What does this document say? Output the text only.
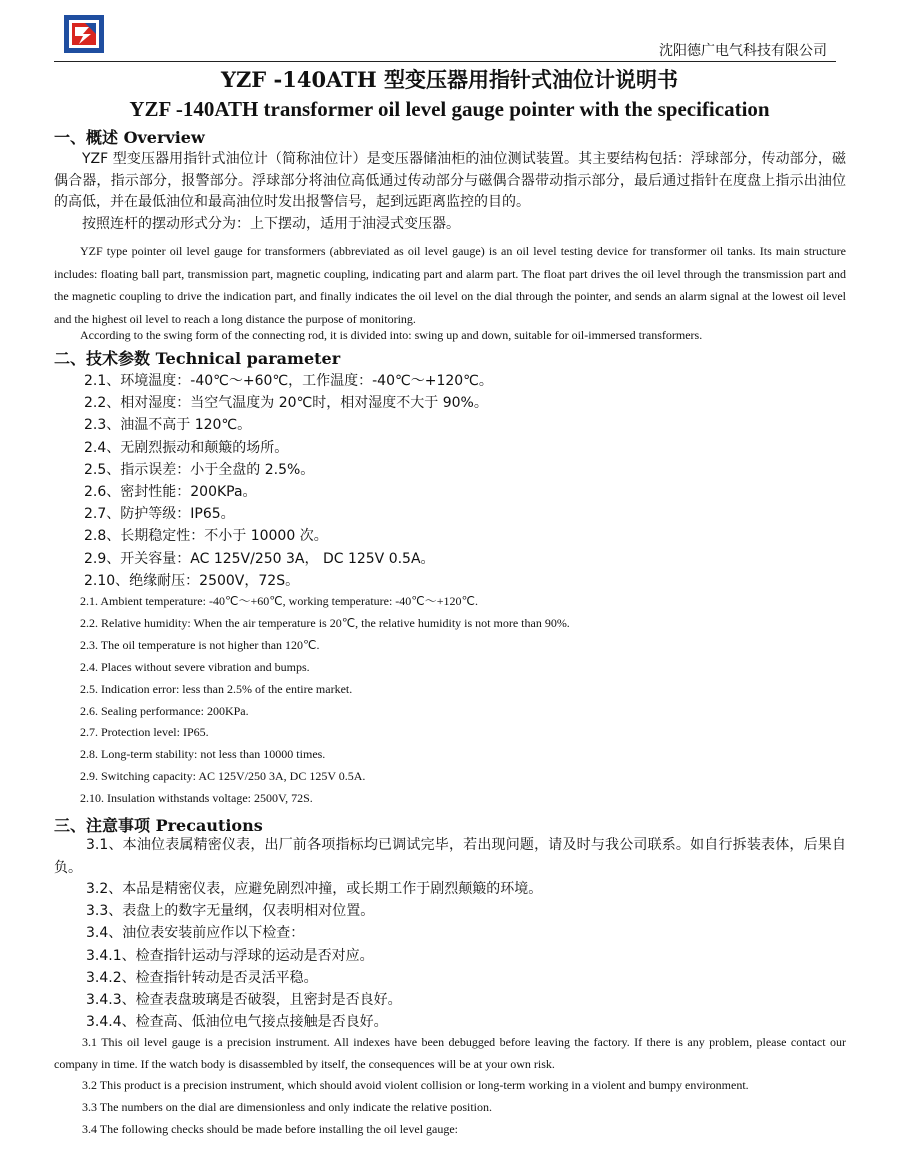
沈阳德广电气科技有限公司
YZF -140ATH 型变压器用指针式油位计说明书
YZF -140ATH transformer oil level gauge pointer with the specification
一、概述 Overview
YZF 型变压器用指针式油位计（简称油位计）是变压器储油柜的油位测试装置。其主要结构包括：浮球部分，传动部分，磁偶合器，指示部分，报警部分。浮球部分将油位高低通过传动部分与磁偶合器带动指示部分，最后通过指针在度盘上指示出油位的高低，并在最低油位和最高油位时发出报警信号，起到远距离监控的目的。
按照连杆的摆动形式分为：上下摆动，适用于油浸式变压器。
YZF type pointer oil level gauge for transformers (abbreviated as oil level gauge) is an oil level testing device for transformer oil tanks. Its main structure includes: floating ball part, transmission part, magnetic coupling, indicating part and alarm part. The float part drives the oil level through the transmission part and the magnetic coupling to drive the indication part, and finally indicates the oil level on the dial through the pointer, and sends an alarm signal at the lowest oil level and the highest oil level to reach a long distance the purpose of monitoring.
According to the swing form of the connecting rod, it is divided into: swing up and down, suitable for oil-immersed transformers.
二、技术参数 Technical parameter
2.1、环境温度：-40℃～+60℃，工作温度：-40℃～+120℃。
2.2、相对湿度：当空气温度为 20℃时，相对湿度不大于 90%。
2.3、油温不高于 120℃。
2.4、无剧烈振动和颠簸的场所。
2.5、指示误差：小于全盘的 2.5%。
2.6、密封性能：200KPa。
2.7、防护等级：IP65。
2.8、长期稳定性：不小于 10000 次。
2.9、开关容量：AC 125V/250 3A， DC 125V 0.5A。
2.10、绝缘耐压：2500V，72S。
2.1. Ambient temperature: -40℃～+60℃, working temperature: -40℃～+120℃.
2.2. Relative humidity: When the air temperature is 20℃, the relative humidity is not more than 90%.
2.3. The oil temperature is not higher than 120℃.
2.4. Places without severe vibration and bumps.
2.5. Indication error: less than 2.5% of the entire market.
2.6. Sealing performance: 200KPa.
2.7. Protection level: IP65.
2.8. Long-term stability: not less than 10000 times.
2.9. Switching capacity: AC 125V/250 3A, DC 125V 0.5A.
2.10. Insulation withstands voltage: 2500V, 72S.
三、注意事项 Precautions
3.1、本油位表属精密仪表，出厂前各项指标均已调试完毕，若出现问题，请及时与我公司联系。如自行拆装表体，后果自负。
3.2、本品是精密仪表，应避免剧烈冲撞，或长期工作于剧烈颠簸的环境。
3.3、表盘上的数字无量纲，仅表明相对位置。
3.4、油位表安装前应作以下检查：
3.4.1、检查指针运动与浮球的运动是否对应。
3.4.2、检查指针转动是否灵活平稳。
3.4.3、检查表盘玻璃是否破裂，且密封是否良好。
3.4.4、检查高、低油位电气接点接触是否良好。
3.1 This oil level gauge is a precision instrument. All indexes have been debugged before leaving the factory. If there is any problem, please contact our company in time. If the watch body is disassembled by itself, the consequences will be at your own risk.
3.2 This product is a precision instrument, which should avoid violent collision or long-term working in a violent and bumpy environment.
3.3 The numbers on the dial are dimensionless and only indicate the relative position.
3.4 The following checks should be made before installing the oil level gauge:
